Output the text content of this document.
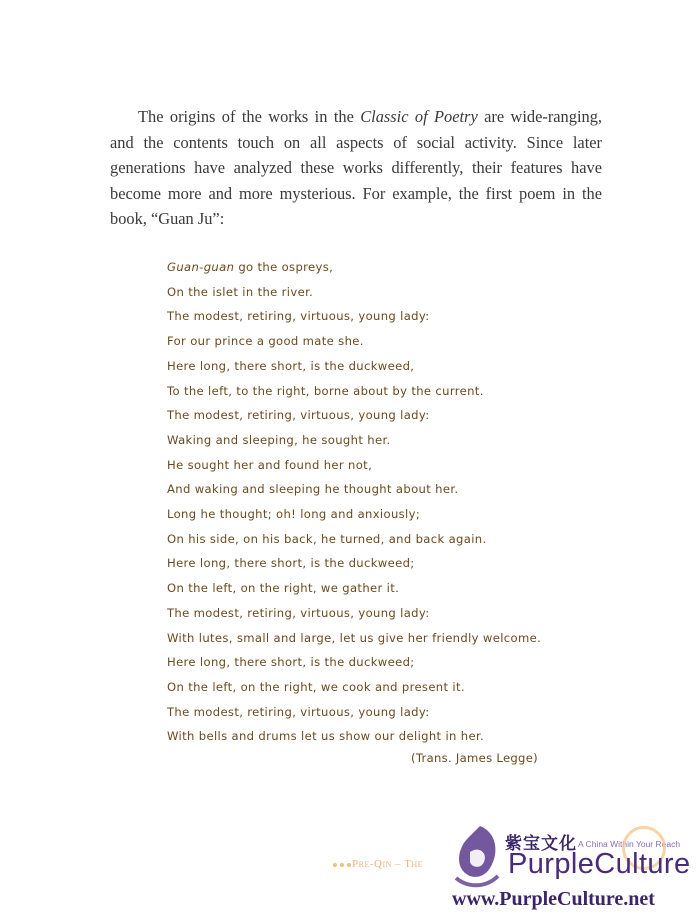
The origins of the works in the Classic of Poetry are wide-ranging, and the contents touch on all aspects of social activity. Since later generations have analyzed these works differently, their features have become more and more mysterious. For example, the first poem in the book, “Guan Ju”:

Guan-guan go the ospreys,
On the islet in the river.
The modest, retiring, virtuous, young lady:
For our prince a good mate she.
Here long, there short, is the duckweed,
To the left, to the right, borne about by the current.
The modest, retiring, virtuous, young lady:
Waking and sleeping, he sought her.
He sought her and found her not,
And waking and sleeping he thought about her.
Long he thought; oh! long and anxiously;
On his side, on his back, he turned, and back again.
Here long, there short, is the duckweed;
On the left, on the right, we gather it.
The modest, retiring, virtuous, young lady:
With lutes, small and large, let us give her friendly welcome.
Here long, there short, is the duckweed;
On the left, on the right, we cook and present it.
The modest, retiring, virtuous, young lady:
With bells and drums let us show our delight in her.
(Trans. James Legge)
Pre-Qin – The
紫宝文化 A China Within Your Reach
PurpleCulture
www.PurpleCulture.net
